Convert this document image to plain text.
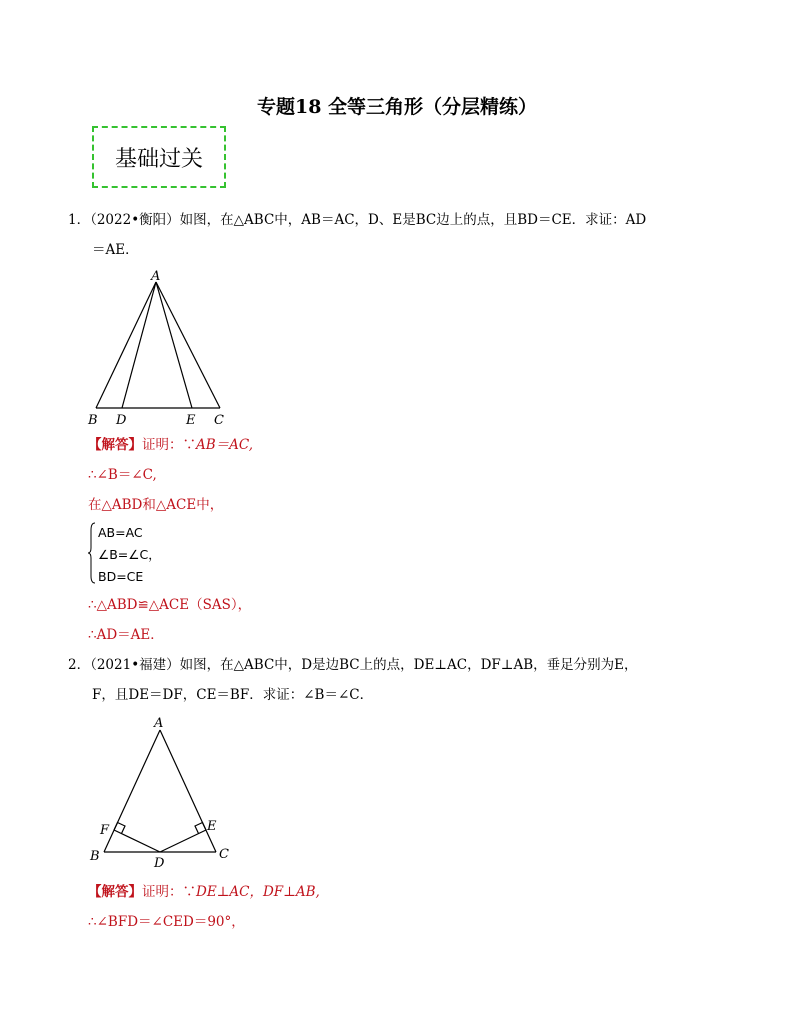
专题18 全等三角形（分层精练）
基础过关
1．（2022•衡阳）如图，在△ABC中，AB＝AC，D、E是BC边上的点，且BD＝CE．求证：AD
＝AE．
A
B D	E C
【解答】证明：∵AB＝AC,
∴∠B＝∠C,
在△ABD和△ACE中，
AB=AC
∠B=∠C，
BD=CE
∴△ABD≌△ACE（SAS），
∴AD＝AE．
2．（2021•福建）如图，在△ABC中，D是边BC上的点，DE⊥AC，DF⊥AB，垂足分别为E，
F，且DE＝DF，CE＝BF．求证：∠B＝∠C．
A
F	E
B	D
C
【解答】证明：∵DE⊥AC，DF⊥AB,
∴∠BFD＝∠CED＝90°，
